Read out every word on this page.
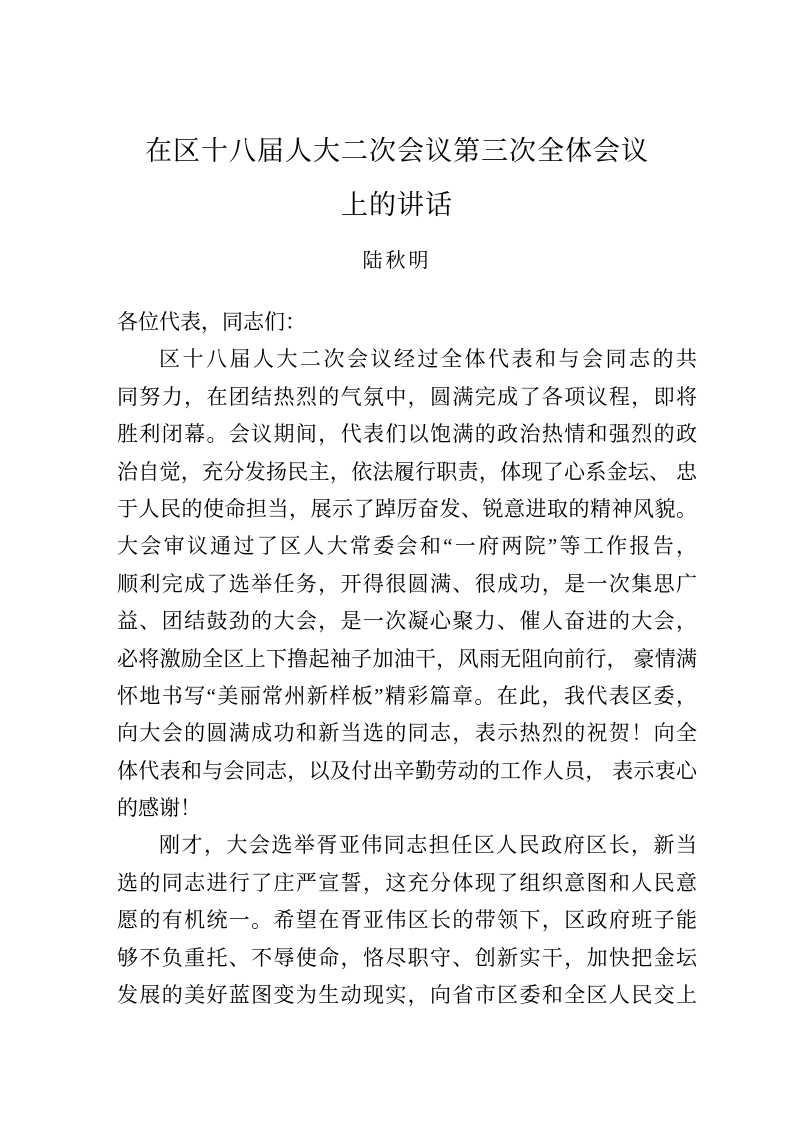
在区十八届人大二次会议第三次全体会议
上的讲话
陆秋明
各位代表，同志们：
区十八届人大二次会议经过全体代表和与会同志的共
同努力，在团结热烈的气氛中，圆满完成了各项议程，即将
胜利闭幕。会议期间，代表们以饱满的政治热情和强烈的政
治自觉，充分发扬民主，依法履行职责，体现了心系金坛、 忠
于人民的使命担当，展示了踔厉奋发、锐意进取的精神风貌。
大会审议通过了区人大常委会和“一府两院”等工作报告，
顺利完成了选举任务，开得很圆满、很成功，是一次集思广
益、团结鼓劲的大会，是一次凝心聚力、催人奋进的大会，
必将激励全区上下撸起袖子加油干，风雨无阻向前行， 豪情满
怀地书写“美丽常州新样板”精彩篇章。在此，我代表区委，
向大会的圆满成功和新当选的同志，表示热烈的祝贺！向全
体代表和与会同志，以及付出辛勤劳动的工作人员， 表示衷心
的感谢！
刚才，大会选举胥亚伟同志担任区人民政府区长，新当
选的同志进行了庄严宣誓，这充分体现了组织意图和人民意
愿的有机统一。希望在胥亚伟区长的带领下，区政府班子能
够不负重托、不辱使命，恪尽职守、创新实干，加快把金坛
发展的美好蓝图变为生动现实，向省市区委和全区人民交上
